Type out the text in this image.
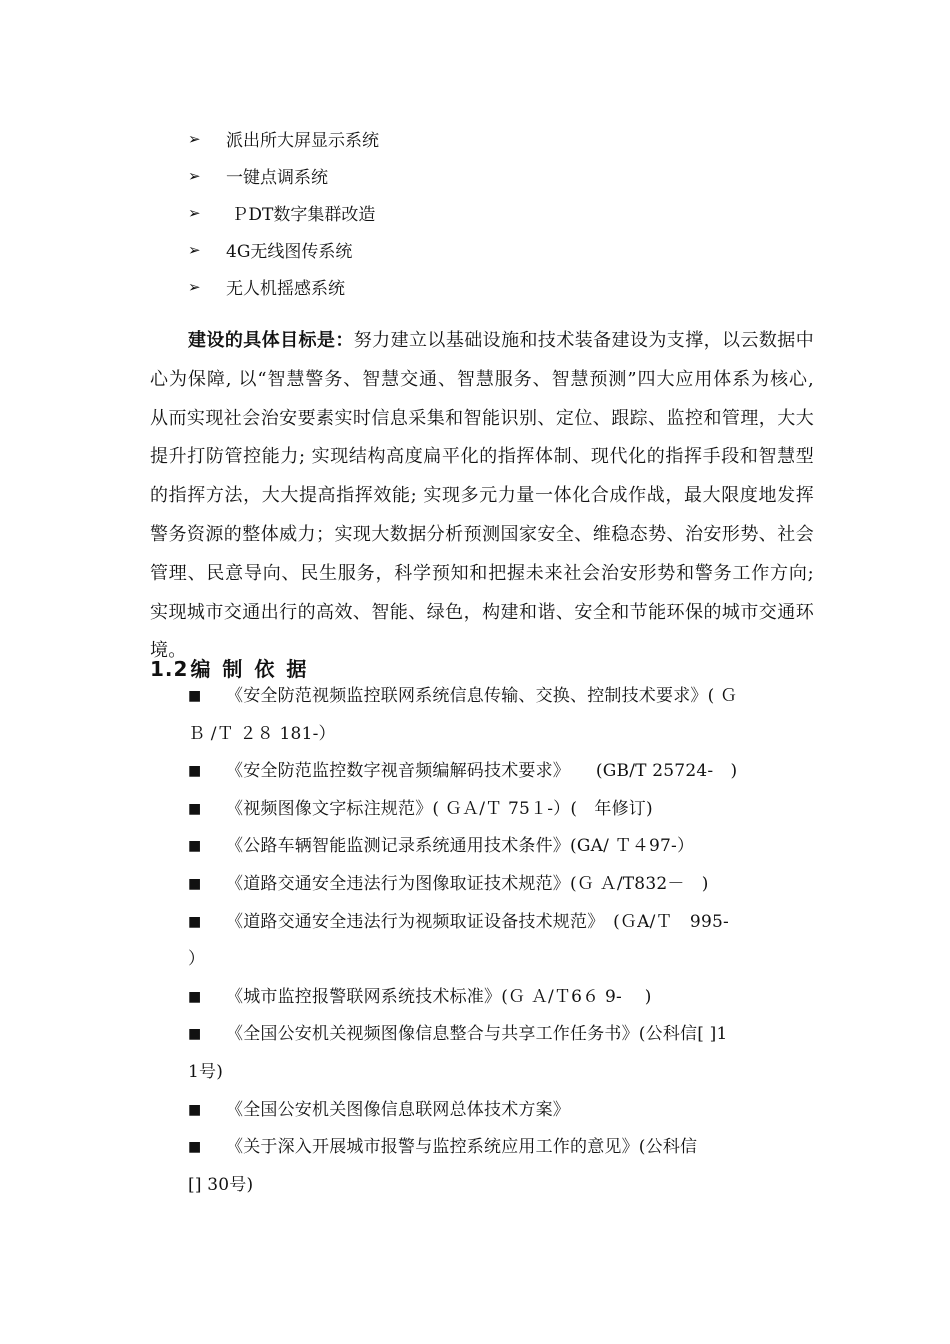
➢	派出所大屏显示系统
➢	一键点调系统
➢	ＰDT数字集群改造
➢	4G无线图传系统
➢	无人机摇感系统

建设的具体目标是：努力建立以基础设施和技术装备建设为支撑，以云数据中心为保障, 以“智慧警务、智慧交通、智慧服务、智慧预测”四大应用体系为核心, 从而实现社会治安要素实时信息采集和智能识别、定位、跟踪、监控和管理，大大提升打防管控能力; 实现结构高度扁平化的指挥体制、现代化的指挥手段和智慧型的指挥方法，大大提高指挥效能; 实现多元力量一体化合成作战，最大限度地发挥警务资源的整体威力；实现大数据分析预测国家安全、维稳态势、治安形势、社会管理、民意导向、民生服务，科学预知和把握未来社会治安形势和警务工作方向; 实现城市交通出行的高效、智能、绿色，构建和谐、安全和节能环保的城市交通环境。

1.2 编制依据
■	《安全防范视频监控联网系统信息传输、交换、控制技术要求》( Ｇ
Ｂ /Ｔ ２８ 181-）
■	《安全防范监控数字视音频编解码技术要求》　　(GB/T 25724-　)
■	《视频图像文字标注规范》( ＧＡ/Ｔ 75１-）(　年修订)
■	《公路车辆智能监测记录系统通用技术条件》(GA/ Ｔ４97-）
■	《道路交通安全违法行为图像取证技术规范》(Ｇ Ａ/T832－　)
■	《道路交通安全违法行为视频取证设备技术规范》　(ＧA/Ｔ　995-
）
■	《城市监控报警联网系统技术标准》(Ｇ Ａ/Ｔ6６ 9-　 )
■	《全国公安机关视频图像信息整合与共享工作任务书》(公科信[ ]1
1号)
■	《全国公安机关图像信息联网总体技术方案》
■	《关于深入开展城市报警与监控系统应用工作的意见》(公科信
[] 30号)
